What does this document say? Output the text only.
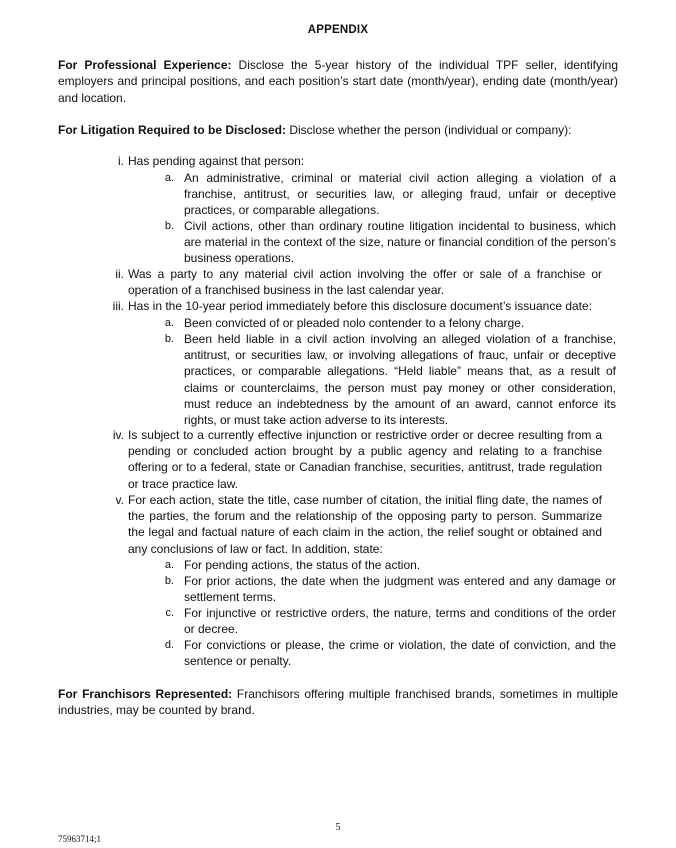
APPENDIX
For Professional Experience: Disclose the 5-year history of the individual TPF seller, identifying employers and principal positions, and each position’s start date (month/year), ending date (month/year) and location.
For Litigation Required to be Disclosed: Disclose whether the person (individual or company):
i. Has pending against that person:
a. An administrative, criminal or material civil action alleging a violation of a franchise, antitrust, or securities law, or alleging fraud, unfair or deceptive practices, or comparable allegations.
b. Civil actions, other than ordinary routine litigation incidental to business, which are material in the context of the size, nature or financial condition of the person’s business operations.
ii. Was a party to any material civil action involving the offer or sale of a franchise or operation of a franchised business in the last calendar year.
iii. Has in the 10-year period immediately before this disclosure document’s issuance date:
a. Been convicted of or pleaded nolo contender to a felony charge.
b. Been held liable in a civil action involving an alleged violation of a franchise, antitrust, or securities law, or involving allegations of frauc, unfair or deceptive practices, or comparable allegations. “Held liable” means that, as a result of claims or counterclaims, the person must pay money or other consideration, must reduce an indebtedness by the amount of an award, cannot enforce its rights, or must take action adverse to its interests.
iv. Is subject to a currently effective injunction or restrictive order or decree resulting from a pending or concluded action brought by a public agency and relating to a franchise offering or to a federal, state or Canadian franchise, securities, antitrust, trade regulation or trace practice law.
v. For each action, state the title, case number of citation, the initial fling date, the names of the parties, the forum and the relationship of the opposing party to person. Summarize the legal and factual nature of each claim in the action, the relief sought or obtained and any conclusions of law or fact. In addition, state:
a. For pending actions, the status of the action.
b. For prior actions, the date when the judgment was entered and any damage or settlement terms.
c. For injunctive or restrictive orders, the nature, terms and conditions of the order or decree.
d. For convictions or please, the crime or violation, the date of conviction, and the sentence or penalty.
For Franchisors Represented: Franchisors offering multiple franchised brands, sometimes in multiple industries, may be counted by brand.
5
75963714;1
